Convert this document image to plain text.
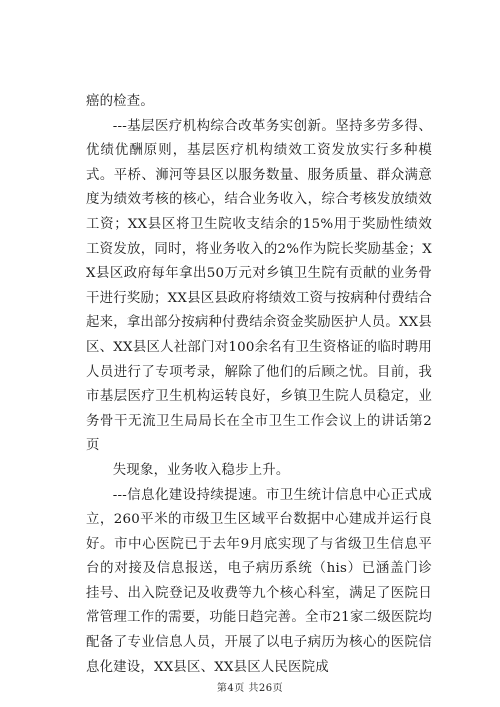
癌的检查。

---基层医疗机构综合改革务实创新。坚持多劳多得、优绩优酬原则，基层医疗机构绩效工资发放实行多种模式。平桥、浉河等县区以服务数量、服务质量、群众满意度为绩效考核的核心，结合业务收入，综合考核发放绩效工资；XX县区将卫生院收支结余的15%用于奖励性绩效工资发放，同时，将业务收入的2%作为院长奖励基金；XX县区政府每年拿出50万元对乡镇卫生院有贡献的业务骨干进行奖励；XX县区县政府将绩效工资与按病种付费结合起来，拿出部分按病种付费结余资金奖励医护人员。XX县区、XX县区人社部门对100余名有卫生资格证的临时聘用人员进行了专项考录，解除了他们的后顾之忧。目前，我市基层医疗卫生机构运转良好，乡镇卫生院人员稳定，业务骨干无流卫生局局长在全市卫生工作会议上的讲话第2页

失现象，业务收入稳步上升。

---信息化建设持续提速。市卫生统计信息中心正式成立，260平米的市级卫生区域平台数据中心建成并运行良好。市中心医院已于去年9月底实现了与省级卫生信息平台的对接及信息报送，电子病历系统（his）已涵盖门诊挂号、出入院登记及收费等九个核心科室，满足了医院日常管理工作的需要，功能日趋完善。全市21家二级医院均配备了专业信息人员，开展了以电子病历为核心的医院信息化建设，XX县区、XX县区人民医院成

第4页 共26页
